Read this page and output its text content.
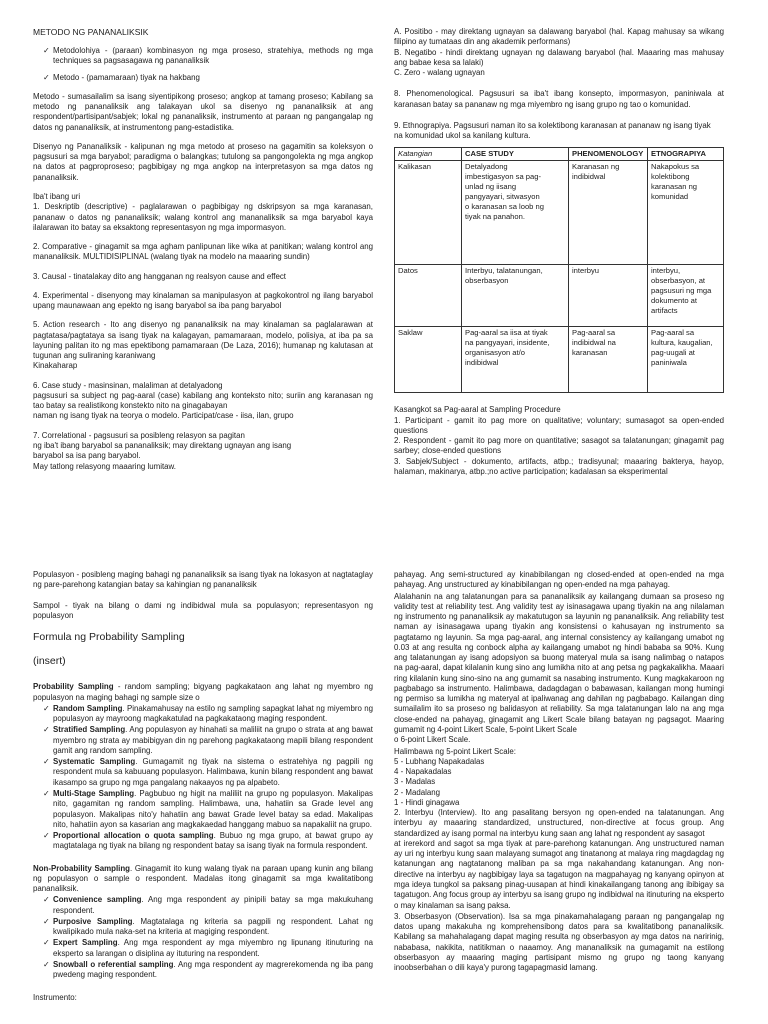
METODO NG PANANALIKSIK

✓ Metodolohiya - (paraan) kombinasyon ng mga proseso, stratehiya, methods ng mga techniques sa pagsasagawa ng pananaliksik

✓ Metodo - (pamamaraan) tiyak na hakbang

Metodo - sumasailalim sa isang siyentipikong proseso; angkop at tamang proseso; Kabilang sa metodo ng pananaliksik ang talakayan ukol sa disenyo ng pananaliksik at ang respondent/partisipant/sabjek; lokal ng pananaliksik, instrumento at paraan ng pangangalap ng datos ng pananaliksik, at instrumentong pang-estadistika.

Disenyo ng Pananaliksik - kalipunan ng mga metodo at proseso na gagamitin sa koleksyon o pagsusuri sa mga baryabol; paradigma o balangkas; tutulong sa pangongolekta ng mga angkop na datos at pagproproseso; pagbibigay ng mga angkop na interpretasyon sa mga datos ng pananaliksik.

Iba't ibang uri
1. Deskriptib (descriptive) - paglalarawan o pagbibigay ng dskripsyon sa mga karanasan, pananaw o datos ng pananaliksik; walang kontrol ang mananaliksik sa mga baryabol kaya ilalarawan ito batay sa eksaktong representasyon ng mga impormasyon.

2. Comparative - ginagamit sa mga agham panlipunan like wika at panitikan; walang kontrol ang mananaliksik. MULTIDISIPLINAL (walang tiyak na modelo na maaaring sundin)

3. Causal - tinatalakay dito ang hangganan ng realsyon cause and effect

4. Experimental - disenyong may kinalaman sa manipulasyon at pagkokontrol ng ilang baryabol upang maunawaan ang epekto ng isang baryabol sa iba pang baryabol

5. Action research - Ito ang disenyo ng pananaliksik na may kinalaman sa paglalarawan at pagtatasa/pagtataya sa isang tiyak na kalagayan, pamamaraan, modelo, polisiya, at iba pa sa layuning palitan ito ng mas epektibong pamamaraan (De Laza, 2016); humanap ng kalutasan at tugunan ang suliraning karaniwang
Kinakaharap

6. Case study - masinsinan, malaliman at detalyadong
pagsusuri sa subject ng pag-aaral (case) kabilang ang konteksto nito; suriin ang karanasan ng tao batay sa realistikong konstekto nito na ginagabayan
naman ng isang tiyak na teorya o modelo. Participat/case - iisa, ilan, grupo

7. Correlational - pagsusuri sa posibleng relasyon sa pagitan
ng iba't ibang baryabol sa pananaliksik; may direktang ugnayan ang isang
baryabol sa isa pang baryabol.
May tatlong relasyong maaaring lumitaw.

A. Positibo - may direktang ugnayan sa dalawang baryabol (hal. Kapag mahusay sa wikang filipino ay tumataas din ang akademik performans)
B. Negatibo - hindi direktang ugnayan ng dalawang baryabol (hal. Maaaring mas mahusay ang babae kesa sa lalaki)
C. Zero - walang ugnayan

8. Phenomenological. Pagsusuri sa iba't ibang konsepto, impormasyon, paniniwala at karanasan batay sa pananaw ng mga miyembro ng isang grupo ng tao o komunidad.

9. Ethnograpiya. Pagsusuri naman ito sa kolektibong karanasan at pananaw ng isang tiyak
na komunidad ukol sa kanilang kultura.

Katangian	CASE STUDY	PHENOMENOLOGY	ETNOGRAPIYA
Kalikasan	Detalyadong imbestigasyon sa pag-unlad ng iisang pangyayari, sitwasyon o karanasan sa loob ng tiyak na panahon.	Karanasan ng indibidwal	Nakapokus sa kolektibong karanasan ng komunidad
Datos	Interbyu, talatanungan, obserbasyon	interbyu	interbyu, obserbasyon, at pagsusuri ng mga dokumento at artifacts
Saklaw	Pag-aaral sa iisa at tiyak na pangyayari, insidente, organisasyon at/o indibidwal	Pag-aaral sa indibidwal na karanasan	Pag-aaral sa kultura, kaugalian, pag-uugali at paniniwala

Kasangkot sa Pag-aaral at Sampling Procedure
1. Participant - gamit ito pag more on qualitative; voluntary; sumasagot sa open-ended questions
2. Respondent - gamit ito pag more on quantitative; sasagot sa talatanungan; ginagamit pag sarbey; close-ended questions
3. Sabjek/Subject - dokumento, artifacts, atbp.; tradisyunal; maaaring bakterya, hayop, halaman, makinarya, atbp.;no active participation; kadalasan sa eksperimental

Populasyon - posibleng maging bahagi ng pananaliksik sa isang tiyak na lokasyon at nagtataglay ng pare-parehong katangian batay sa kahingian ng pananaliksik

Sampol - tiyak na bilang o dami ng indibidwal mula sa populasyon; representasyon ng populasyon

Formula ng Probability Sampling
(insert)

Probability Sampling - random sampling; bigyang pagkakataon ang lahat ng myembro ng populasyon na maging bahagi ng sample size o

✓ Random Sampling. Pinakamahusay na estilo ng sampling sapagkat lahat ng miyembro ng populasyon ay mayroong magkakatulad na pagkakataong maging respondent.

✓ Stratified Sampling. Ang populasyon ay hinahati sa maliliit na grupo o strata at ang bawat myembro ng strata ay mabibigyan din ng parehong pagkakataong mapili bilang respondent gamit ang random sampling.

✓ Systematic Sampling. Gumagamit ng tiyak na sistema o estratehiya ng pagpili ng respondent mula sa kabuuang populasyon. Halimbawa, kunin bilang respondent ang bawat ikasampo sa grupo ng mga pangalang nakaayos ng pa alpabeto.

✓ Multi-Stage Sampling. Pagbubuo ng higit na maliliit na grupo ng populasyon. Makalipas nito, gagamitan ng random sampling. Halimbawa, una, hahatiin sa Grade level ang populasyon. Makalipas nito'y hahatiin ang bawat Grade level batay sa edad. Makalipas nito, hahatiin ayon sa kasarian ang magkakaedad hanggang mabuo sa napakaliit na grupo.

✓ Proportional allocation o quota sampling. Bubuo ng mga grupo, at bawat grupo ay magtatalaga ng tiyak na bilang ng respondent batay sa isang tiyak na formula respondent.

Non-Probability Sampling. Ginagamit ito kung walang tiyak na paraan upang kunin ang bilang ng populasyon o sample o respondent. Madalas itong ginagamit sa mga kwalitatibong pananaliksik.

✓ Convenience sampling. Ang mga respondent ay pinipili batay sa mga makukuhang respondent.

✓ Purposive Sampling. Magtatalaga ng kriteria sa pagpili ng respondent. Lahat ng kwalipikado mula naka-set na kriteria at magiging respondent.

✓ Expert Sampling. Ang mga respondent ay mga miyembro ng lipunang itinuturing na eksperto sa larangan o disiplina ay ituturing na respondent.

✓ Snowball o referential sampling. Ang mga respondent ay magrerekomenda ng iba pang pwedeng maging respondent.

Instrumento:

pahayag. Ang semi-structured ay kinabibilangan ng closed-ended at open-ended na mga pahayag. Ang unstructured ay kinabibilangan ng open-ended na mga pahayag.

Alalahanin na ang talatanungan para sa pananaliksik ay kailangang dumaan sa proseso ng validity test at reliability test. Ang validity test ay isinasagawa upang tiyakin na ang nilalaman ng instrumento ng pananaliksik ay makatutugon sa layunin ng pananaliksik. Ang reliability test naman ay isinasagawa upang tiyakin ang konsistensi o kahusayan ng instrumento sa pagtatamo ng layunin. Sa mga pag-aaral, ang internal consistency ay kailangang umabot ng 0.03 at ang resulta ng conbock alpha ay kailangang umabot ng hindi bababa sa 90%. Kung ang talatanungan ay isang adopsiyon sa buong materyal mula sa isang nalimbag o natapos na pag-aaral, dapat kilalanin kung sino ang lumikha nito at ang petsa ng pagkakalikha. Maaari ring kilalanin kung sino-sino na ang gumamit sa nasabing instrumento. Kung magkakaroon ng pagbabago sa instrumento. Halimbawa, dadagdagan o babawasan, kailangan mong humingi ng permiso sa lumikha ng materyal at ipaliwanag ang dahilan ng pagbabago. Kailangan ding sumailalim ito sa proseso ng balidasyon at reliability. Sa mga talatanungan lalo na ang mga close-ended na pahayag, ginagamit ang Likert Scale bilang batayan ng pagsagot. Maaring gumamit ng 4-point Likert Scale, 5-point Likert Scale
o 6-point Likert Scale.

Halimbawa ng 5-point Likert Scale:
5 - Lubhang Napakadalas
4 - Napakadalas
3 - Madalas
2 - Madalang
1 - Hindi ginagawa

2. Interbyu (Interview). Ito ang pasalitang bersyon ng open-ended na talatanungan. Ang interbyu ay maaaring standardized, unstructured, non-directive at focus group. Ang standardized ay isang pormal na interbyu kung saan ang lahat ng respondent ay sasagot
at irerekord and sagot sa mga tiyak at pare-parehong katanungan. Ang unstructured naman ay uri ng interbyu kung saan malayang sumagot ang tinatanong at malaya ring magdagdag ng katanungan ang nagtatanong maliban pa sa mga nakahandang katanungan. Ang non-directive na interbyu ay nagbibigay laya sa tagatugon na magpahayag ng kanyang opinyon at mga ideya tungkol sa paksang pinag-uusapan at hindi kinakailangang tanong ang ibibigay sa tagatugon. Ang focus group ay interbyu sa isang grupo ng indibidwal na itinuturing na eksperto o may kinalaman sa isang paksa.

3. Obserbasyon (Observation). Isa sa mga pinakamahalagang paraan ng pangangalap ng datos upang makakuha ng komprehensibong datos para sa kwalitatibong pananaliksik. Kabilang sa mahahalagang dapat maging resulta ng obserbasyon ay mga datos na naririnig, nababasa, nakikita, natitikman o naaamoy. Ang mananaliksik na gumagamit na estilong obserbasyon ay maaaring maging partisipant mismo ng grupo ng taong kanyang inoobserbahan o dili kaya'y purong tagapagmasid lamang.
